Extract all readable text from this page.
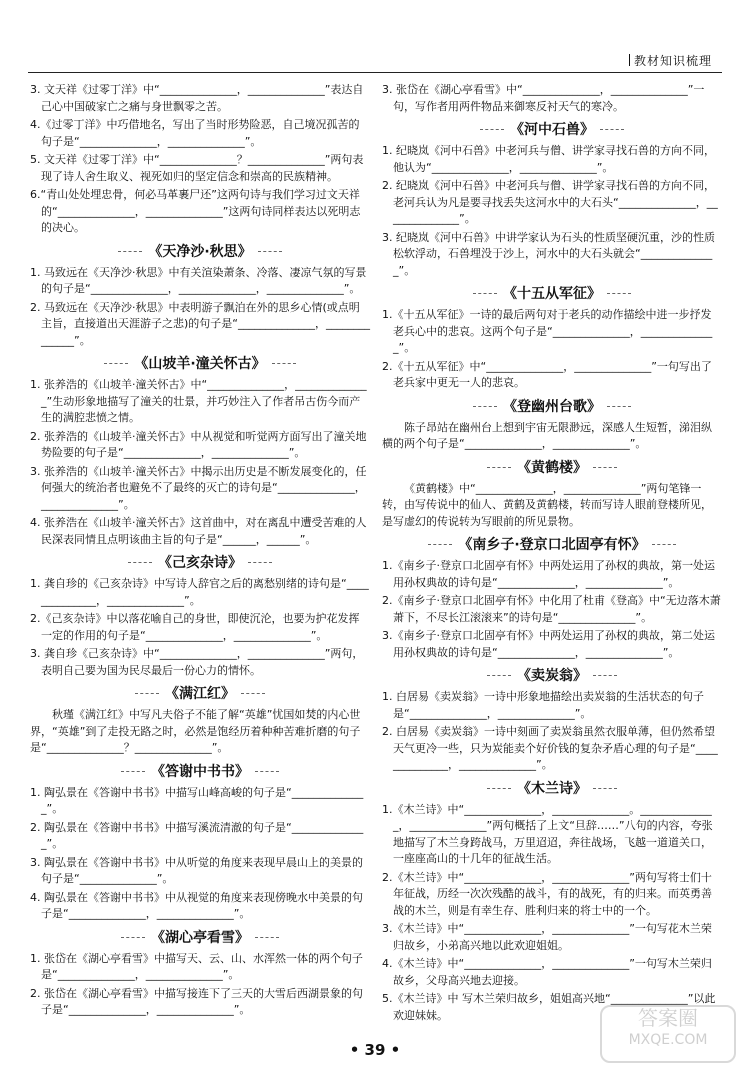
教材知识梳理
3. 文天祥《过零丁洋》中“______________，______________”表达自己心中国破家亡之痛与身世飘零之苦。
4.《过零丁洋》中巧借地名，写出了当时形势险恶，自己境况孤苦的句子是“______________，______________”。
5. 文天祥《过零丁洋》中“______________？______________”两句表现了诗人舍生取义、视死如归的坚定信念和崇高的民族精神。
6.“青山处处埋忠骨，何必马革裹尸还”这两句诗与我们学习过文天祥的“______________，______________”这两句诗同样表达以死明志的决心。
《天净沙·秋思》
1. 马致远在《天净沙·秋思》中有关渲染萧条、冷落、凄凉气氛的写景的句子是“______________，______________，______________”。
2. 马致远在《天净沙·秋思》中表明游子飘泊在外的思乡心情(或点明主旨，直接道出天涯游子之悲)的句子是“______________，______________”。
《山坡羊·潼关怀古》
1. 张养浩的《山坡羊·潼关怀古》中“______________，______________”生动形象地描写了潼关的壮景，并巧妙注入了作者吊古伤今而产生的满腔悲愤之情。
2. 张养浩的《山坡羊·潼关怀古》中从视觉和听觉两方面写出了潼关地势险要的句子是“______________，______________”。
3. 张养浩的《山坡羊·潼关怀古》中揭示出历史是不断发展变化的，任何强大的统治者也避免不了最终的灭亡的诗句是“______________，______________”。
4. 张养浩在《山坡羊·潼关怀古》这首曲中，对在离乱中遭受苦难的人民深表同情且点明该曲主旨的句子是“______，______”。
《己亥杂诗》
1. 龚自珍的《己亥杂诗》中写诗人辞官之后的离愁别绪的诗句是“______________，______________”。
2.《己亥杂诗》中以落花喻自己的身世，即使沉沦，也要为护花发挥一定的作用的句子是“______________，______________”。
3. 龚自珍《己亥杂诗》中“______________，______________”两句，表明自己要为国为民尽最后一份心力的情怀。
《满江红》
秋瑾《满江红》中写凡夫俗子不能了解“英雄”忧国如焚的内心世界，“英雄”到了走投无路之时，必然是饱经历着种种苦难折磨的句子是“______________？______________”。
《答谢中书书》
1. 陶弘景在《答谢中书书》中描写山峰高峻的句子是“______________”。
2. 陶弘景在《答谢中书书》中描写溪流清澈的句子是“______________”。
3. 陶弘景在《答谢中书书》中从听觉的角度来表现早晨山上的美景的句子是“______________”。
4. 陶弘景在《答谢中书书》中从视觉的角度来表现傍晚水中美景的句子是“______________，______________”。
《湖心亭看雪》
1. 张岱在《湖心亭看雪》中描写天、云、山、水浑然一体的两个句子是“______________，______________”。
2. 张岱在《湖心亭看雪》中描写接连下了三天的大雪后西湖景象的句子是“______________，______________”。
3. 张岱在《湖心亭看雪》中“______________，______________”一句，写作者用两件物品来御寒反衬天气的寒冷。
《河中石兽》
1. 纪晓岚《河中石兽》中老河兵与僧、讲学家寻找石兽的方向不同，他认为“______________，______________”。
2. 纪晓岚《河中石兽》中老河兵与僧、讲学家寻找石兽的方向不同，老河兵认为凡是要寻找丢失这河水中的大石头“______________，______________”。
3. 纪晓岚《河中石兽》中讲学家认为石头的性质坚硬沉重，沙的性质松软浮动，石兽埋没于沙上，河水中的大石头就会“______________”。
《十五从军征》
1.《十五从军征》一诗的最后两句对于老兵的动作描绘中进一步抒发老兵心中的悲哀。这两个句子是“______________，______________”。
2.《十五从军征》中“______________，______________”一句写出了老兵家中更无一人的悲哀。
《登幽州台歌》
陈子昂站在幽州台上想到宇宙无限渺远，深感人生短暂，涕泪纵横的两个句子是“______________，______________”。
《黄鹤楼》
《黄鹤楼》中“______________，______________”两句笔锋一转，由写传说中的仙人、黄鹤及黄鹤楼，转而写诗人眼前登楼所见，是写虚幻的传说转为写眼前的所见景物。
《南乡子·登京口北固亭有怀》
1.《南乡子·登京口北固亭有怀》中两处运用了孙权的典故，第一处运用孙权典故的诗句是“______________，______________”。
2.《南乡子·登京口北固亭有怀》中化用了杜甫《登高》中“无边落木萧萧下，不尽长江滚滚来”的诗句是“______________”。
3.《南乡子·登京口北固亭有怀》中两处运用了孙权的典故，第二处运用孙权典故的诗句是“______________，______________”。
《卖炭翁》
1. 白居易《卖炭翁》一诗中形象地描绘出卖炭翁的生活状态的句子是“______________，______________”。
2. 白居易《卖炭翁》一诗中刻画了卖炭翁虽然衣服单薄，但仍然希望天气更冷一些，只为炭能卖个好价钱的复杂矛盾心理的句子是“______________，______________”。
《木兰诗》
1.《木兰诗》中“______________，______________。______________，______________”两句概括了上文“旦辞……”八句的内容，夸张地描写了木兰身跨战马，万里迢迢，奔往战场，飞越一道道关口，一座座高山的十几年的征战生活。
2.《木兰诗》中“______________，______________”两句写将士们十年征战，历经一次次残酷的战斗，有的战死，有的归来。而英勇善战的木兰，则是有幸生存、胜利归来的将士中的一个。
3.《木兰诗》中“______________，______________”一句写花木兰荣归故乡，小弟高兴地以此欢迎姐姐。
4.《木兰诗》中“______________，______________”一句写木兰荣归故乡，父母高兴地去迎接。
5.《木兰诗》中 写木兰荣归故乡，姐姐高兴地“______________”以此欢迎妹妹。
• 39 •
答案圈
MXQE.COM
